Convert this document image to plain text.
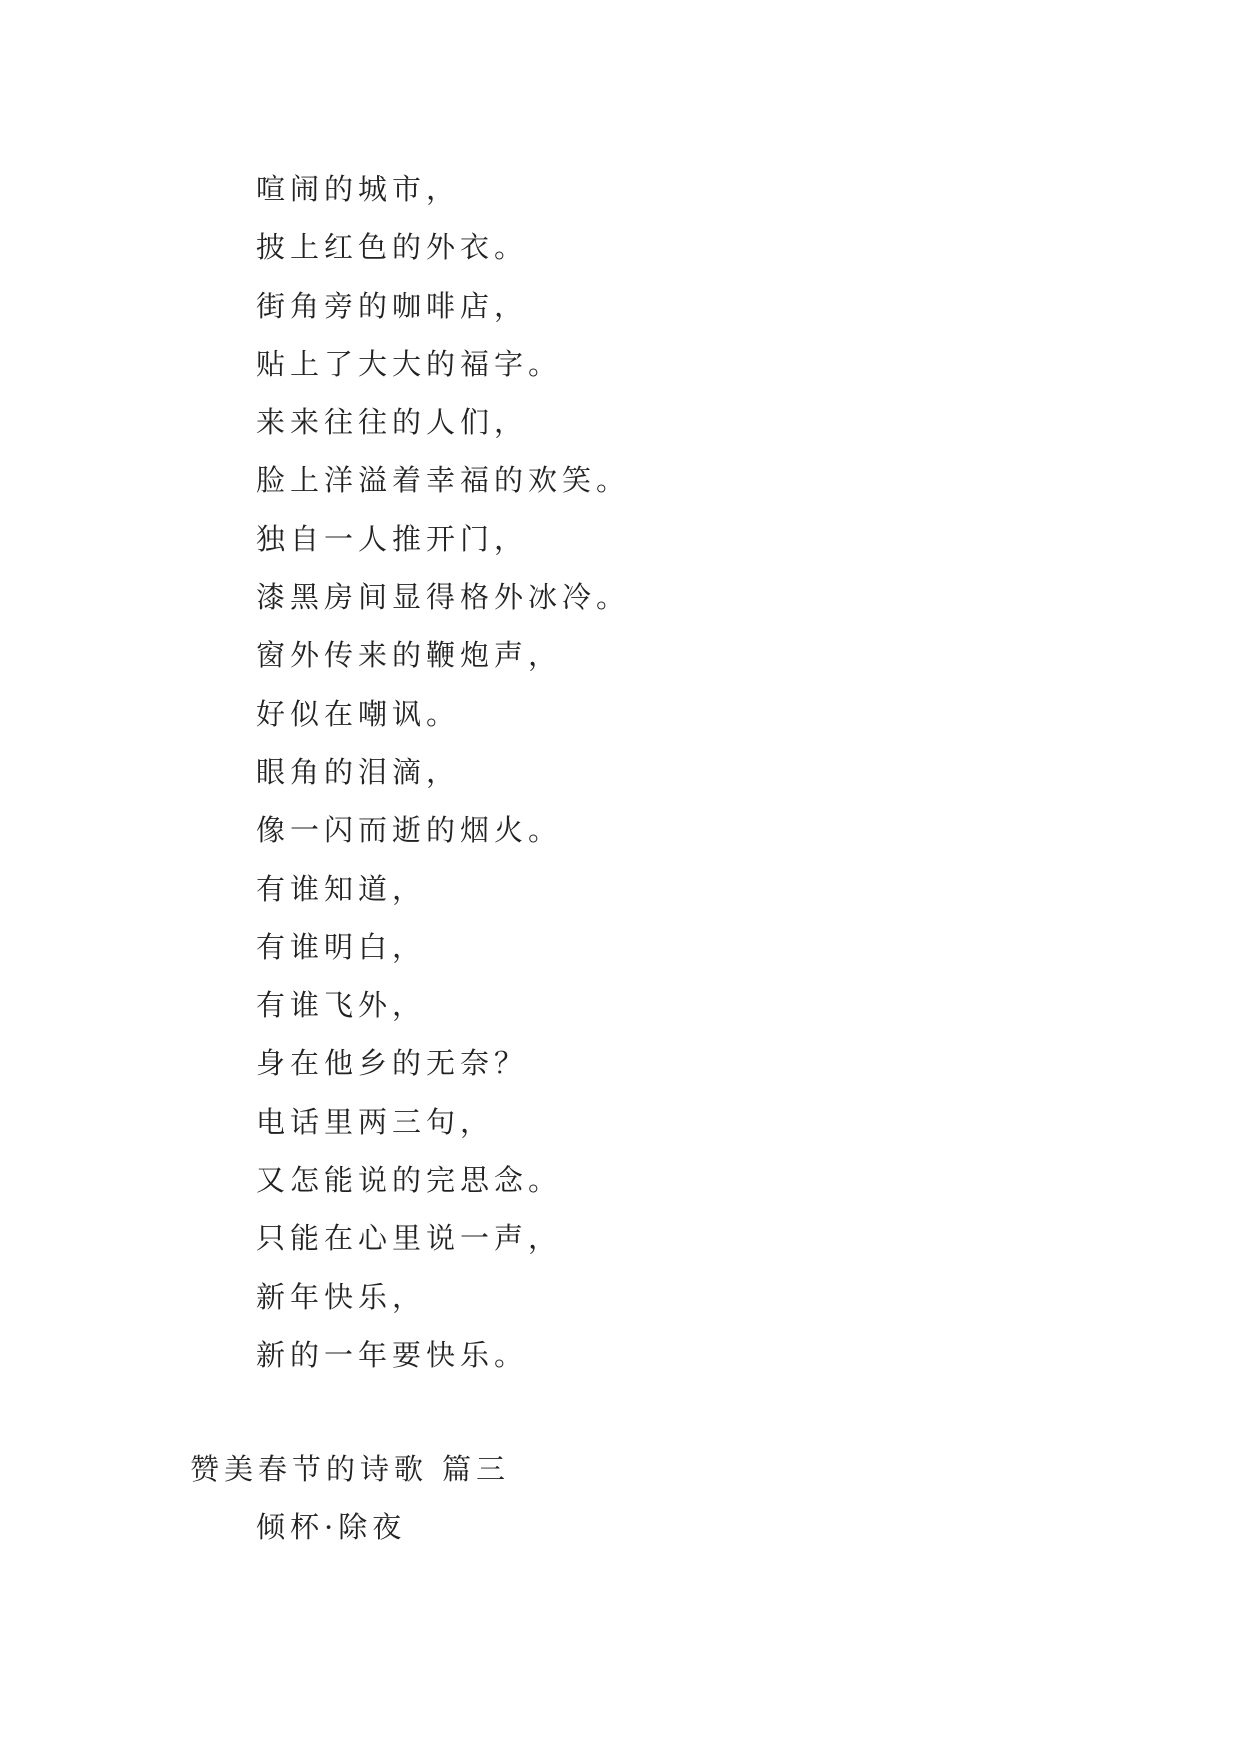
喧闹的城市，
披上红色的外衣。
街角旁的咖啡店，
贴上了大大的福字。
来来往往的人们，
脸上洋溢着幸福的欢笑。
独自一人推开门，
漆黑房间显得格外冰冷。
窗外传来的鞭炮声，
好似在嘲讽。
眼角的泪滴，
像一闪而逝的烟火。
有谁知道，
有谁明白，
有谁飞外，
身在他乡的无奈？
电话里两三句，
又怎能说的完思念。
只能在心里说一声，
新年快乐，
新的一年要快乐。
赞美春节的诗歌 篇三
倾杯·除夜
